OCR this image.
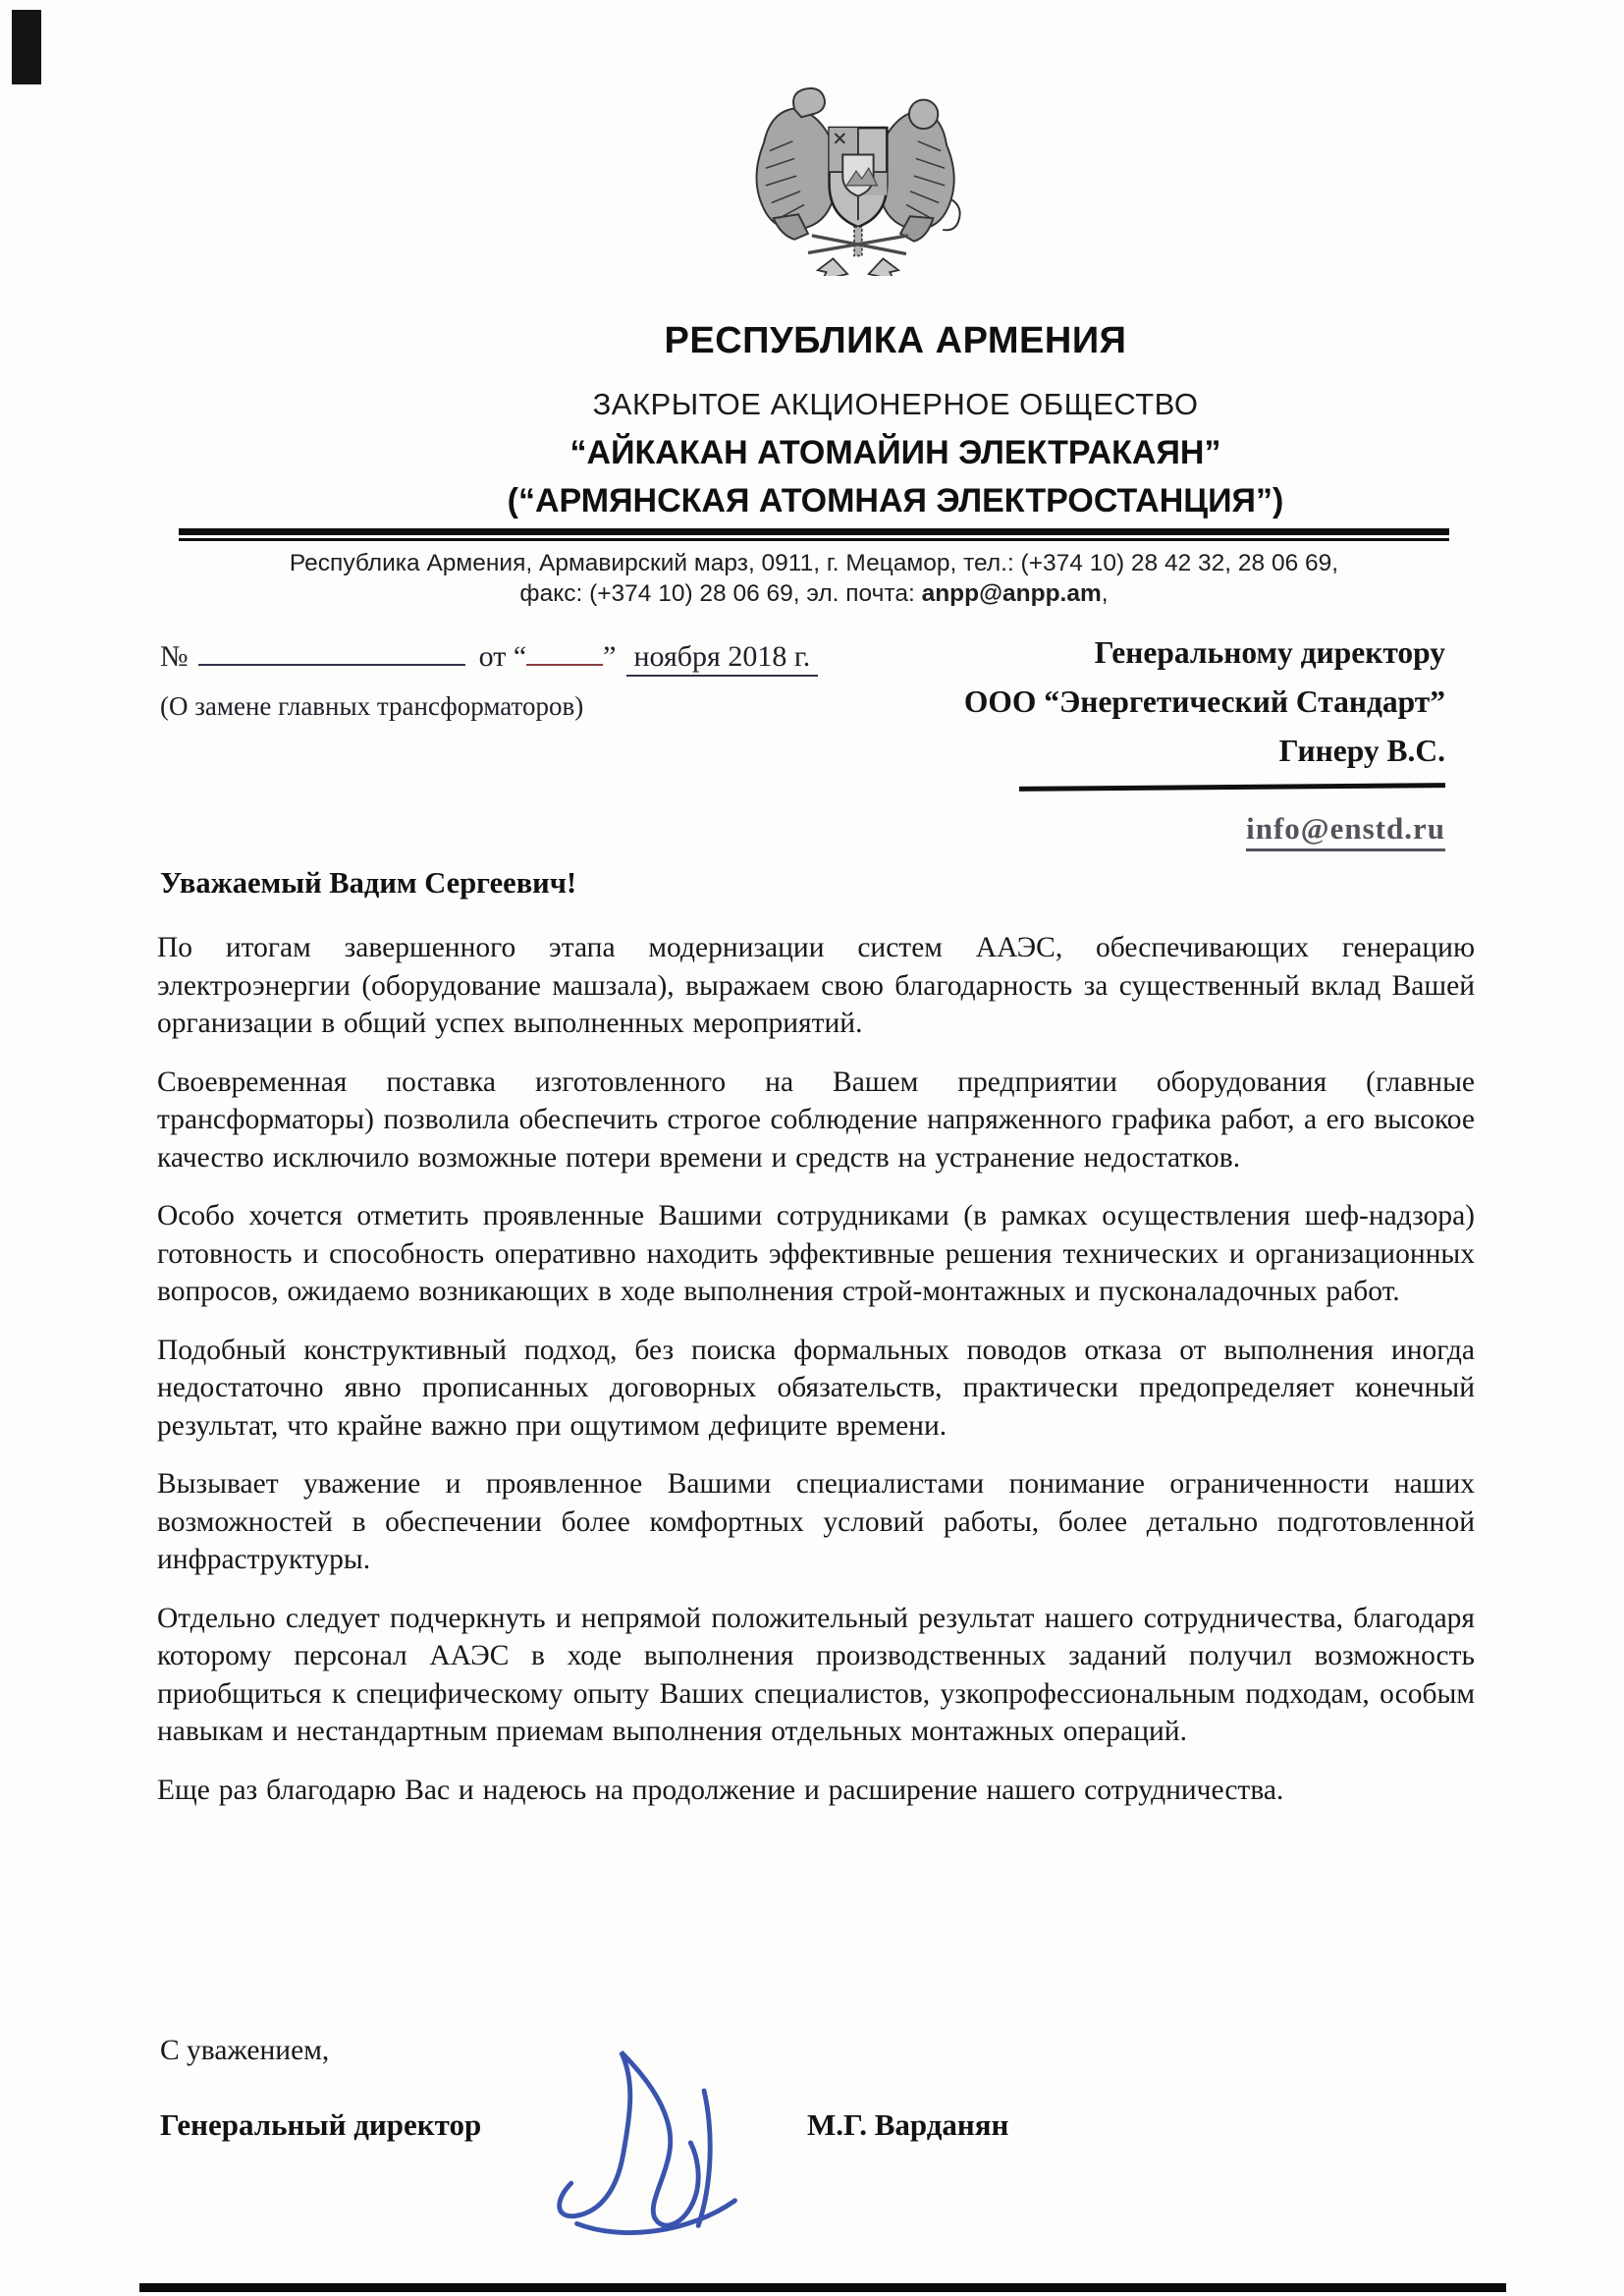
РЕСПУБЛИКА АРМЕНИЯ
ЗАКРЫТОЕ АКЦИОНЕРНОЕ ОБЩЕСТВО
“АЙКАКАН АТОМАЙИН ЭЛЕКТРАКАЯН”
(“АРМЯНСКАЯ АТОМНАЯ ЭЛЕКТРОСТАНЦИЯ”)
Республика Армения, Армавирский марз, 0911, г. Мецамор, тел.: (+374 10) 28 42 32, 28 06 69,
факс: (+374 10) 28 06 69, эл. почта: anpp@anpp.am,
№	от “	” ноября 2018 г.
(О замене главных трансформаторов)
Генеральному директору
ООО “Энергетический Стандарт”
Гинеру В.С.
info@enstd.ru
Уважаемый Вадим Сергеевич!

По итогам завершенного этапа модернизации систем ААЭС, обеспечивающих генерацию электроэнергии (оборудование машзала), выражаем свою благодарность за существенный вклад Вашей организации в общий успех выполненных мероприятий.

Своевременная поставка изготовленного на Вашем предприятии оборудования (главные трансформаторы) позволила обеспечить строгое соблюдение напряженного графика работ, а его высокое качество исключило возможные потери времени и средств на устранение недостатков.

Особо хочется отметить проявленные Вашими сотрудниками (в рамках осуществления шеф-надзора) готовность и способность оперативно находить эффективные решения технических и организационных вопросов, ожидаемо возникающих в ходе выполнения строй-монтажных и пусконаладочных работ.

Подобный конструктивный подход, без поиска формальных поводов отказа от выполнения иногда недостаточно явно прописанных договорных обязательств, практически предопределяет конечный результат, что крайне важно при ощутимом дефиците времени.

Вызывает уважение и проявленное Вашими специалистами понимание ограниченности наших возможностей в обеспечении более комфортных условий работы, более детально подготовленной инфраструктуры.

Отдельно следует подчеркнуть и непрямой положительный результат нашего сотрудничества, благодаря которому персонал ААЭС в ходе выполнения производственных заданий получил возможность приобщиться к специфическому опыту Ваших специалистов, узкопрофессиональным подходам, особым навыкам и нестандартным приемам выполнения отдельных монтажных операций.

Еще раз благодарю Вас и надеюсь на продолжение и расширение нашего сотрудничества.

С уважением,
Генеральный директор	М.Г. Варданян
